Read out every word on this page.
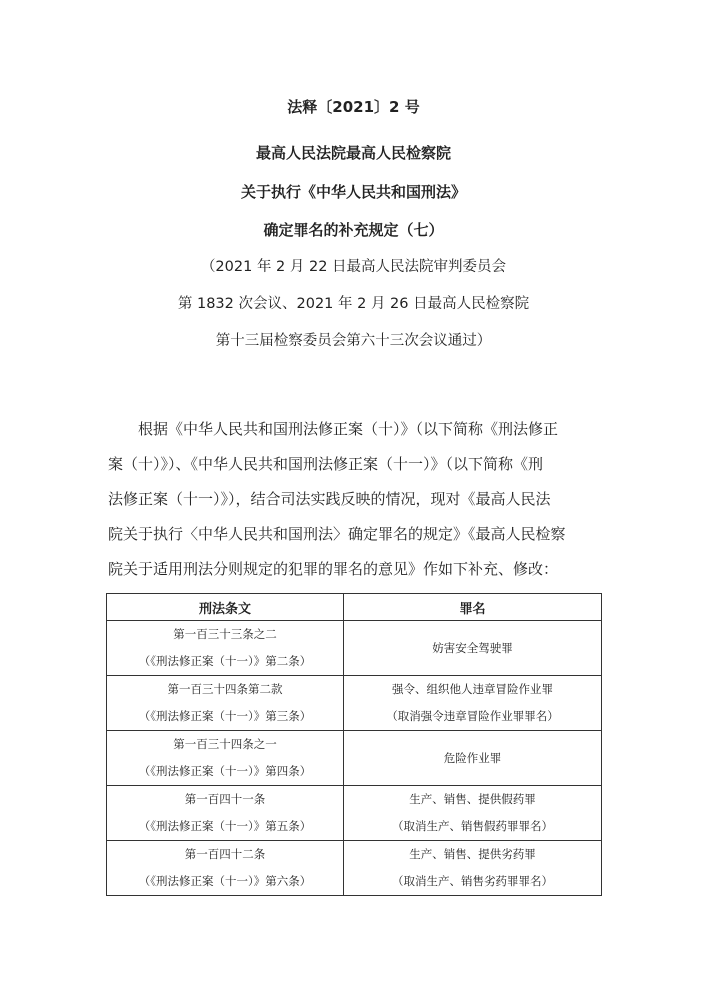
法释〔2021〕2 号
最高人民法院最高人民检察院
关于执行《中华人民共和国刑法》
确定罪名的补充规定（七）
（2021 年 2 月 22 日最高人民法院审判委员会
第 1832 次会议、2021 年 2 月 26 日最高人民检察院
第十三届检察委员会第六十三次会议通过）
根据《中华人民共和国刑法修正案（十）》（以下简称《刑法修正
案（十）》）、《中华人民共和国刑法修正案（十一）》（以下简称《刑
法修正案（十一）》），结合司法实践反映的情况，现对《最高人民法
院关于执行〈中华人民共和国刑法〉确定罪名的规定》《最高人民检察
院关于适用刑法分则规定的犯罪的罪名的意见》作如下补充、修改：
刑法条文	罪名

第一百三十三条之二
（《刑法修正案（十一）》第二条）	妨害安全驾驶罪

第一百三十四条第二款
（《刑法修正案（十一）》第三条）	强令、组织他人违章冒险作业罪
（取消强令违章冒险作业罪罪名）

第一百三十四条之一
（《刑法修正案（十一）》第四条）	危险作业罪

第一百四十一条
（《刑法修正案（十一）》第五条）	生产、销售、提供假药罪
（取消生产、销售假药罪罪名）

第一百四十二条
（《刑法修正案（十一）》第六条）	生产、销售、提供劣药罪
（取消生产、销售劣药罪罪名）
